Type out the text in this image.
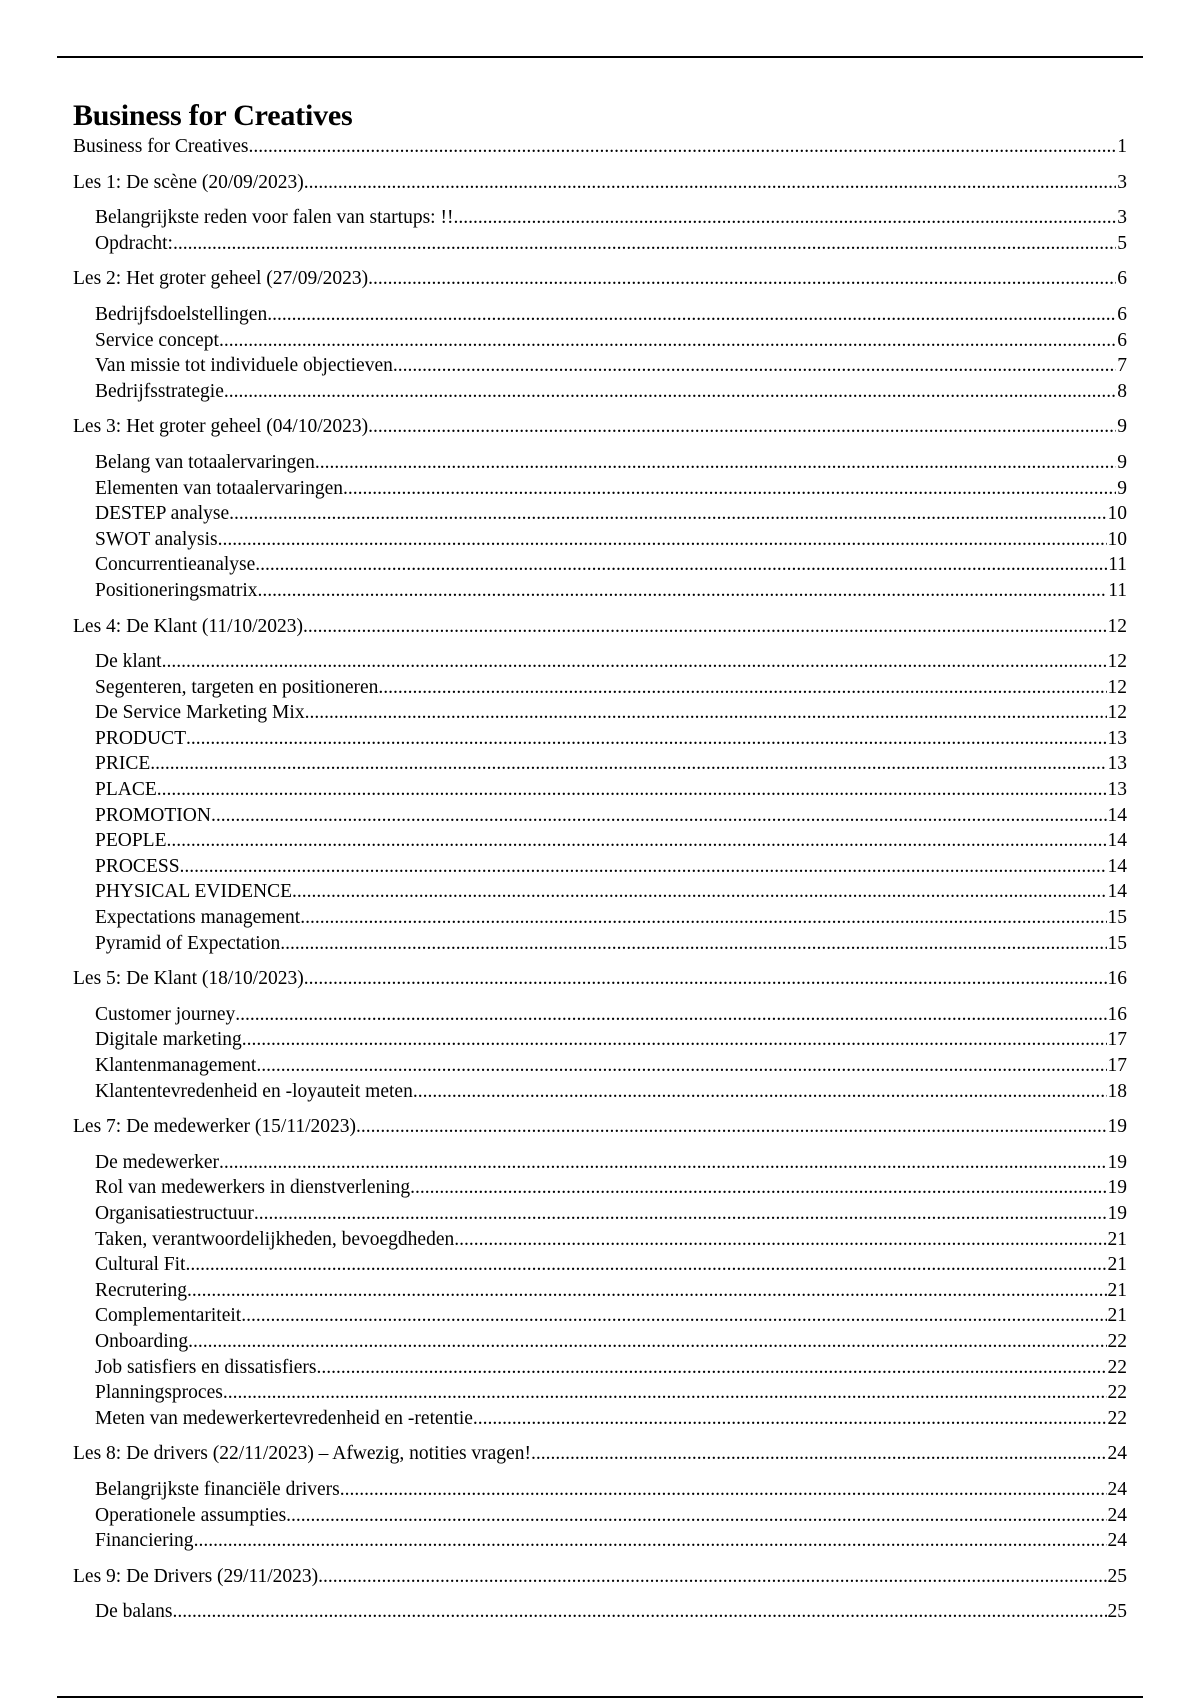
Business for Creatives
Business for Creatives .....	1
Les 1: De scène (20/09/2023) .....	3
Belangrijkste reden voor falen van startups: !! .....	3
Opdracht: .....	5
Les 2: Het groter geheel (27/09/2023) .....	6
Bedrijfsdoelstellingen .....	6
Service concept .....	6
Van missie tot individuele objectieven .....	7
Bedrijfsstrategie .....	8
Les 3: Het groter geheel (04/10/2023) .....	9
Belang van totaalervaringen .....	9
Elementen van totaalervaringen .....	9
DESTEP analyse .....	10
SWOT analysis .....	10
Concurrentieanalyse .....	11
Positioneringsmatrix .....	11
Les 4: De Klant (11/10/2023) .....	12
De klant .....	12
Segenteren, targeten en positioneren .....	12
De Service Marketing Mix .....	12
PRODUCT .....	13
PRICE .....	13
PLACE .....	13
PROMOTION .....	14
PEOPLE .....	14
PROCESS .....	14
PHYSICAL EVIDENCE .....	14
Expectations management .....	15
Pyramid of Expectation .....	15
Les 5: De Klant (18/10/2023) .....	16
Customer journey .....	16
Digitale marketing .....	17
Klantenmanagement .....	17
Klantentevredenheid en -loyauteit meten .....	18
Les 7: De medewerker (15/11/2023) .....	19
De medewerker .....	19
Rol van medewerkers in dienstverlening .....	19
Organisatiestructuur .....	19
Taken, verantwoordelijkheden, bevoegdheden .....	21
Cultural Fit .....	21
Recrutering .....	21
Complementariteit .....	21
Onboarding .....	22
Job satisfiers en dissatisfiers .....	22
Planningsproces .....	22
Meten van medewerkertevredenheid en -retentie .....	22
Les 8: De drivers (22/11/2023) – Afwezig, notities vragen! .....	24
Belangrijkste financiële drivers .....	24
Operationele assumpties .....	24
Financiering .....	24
Les 9: De Drivers (29/11/2023) .....	25
De balans .....	25
